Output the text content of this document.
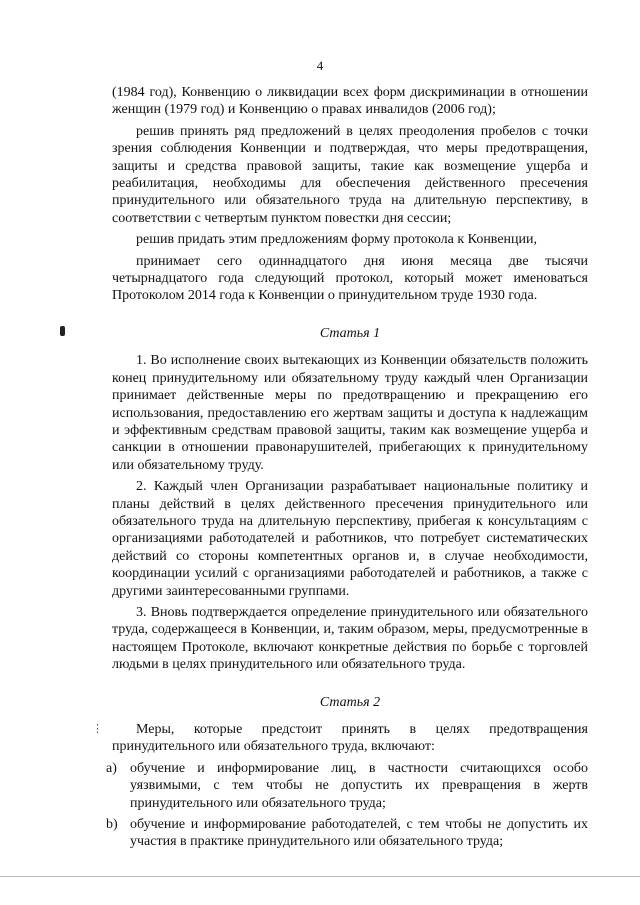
4
⋮

(1984 год), Конвенцию о ликвидации всех форм дискриминации в отношении женщин (1979 год) и Конвенцию о правах инвалидов (2006 год);

решив принять ряд предложений в целях преодоления пробелов с точки зрения соблюдения Конвенции и подтверждая, что меры предотвращения, защиты и средства правовой защиты, такие как возмещение ущерба и реабилитация, необходимы для обеспечения действенного пресечения принудительного или обязательного труда на длительную перспективу, в соответствии с четвертым пунктом повестки дня сессии;

решив придать этим предложениям форму протокола к Конвенции,

принимает сего одиннадцатого дня июня месяца две тысячи четырнадцатого года следующий протокол, который может именоваться Протоколом 2014 года к Конвенции о принудительном труде 1930 года.

Статья 1

1. Во исполнение своих вытекающих из Конвенции обязательств положить конец принудительному или обязательному труду каждый член Организации принимает действенные меры по предотвращению и прекращению его использования, предоставлению его жертвам защиты и доступа к надлежащим и эффективным средствам правовой защиты, таким как возмещение ущерба и санкции в отношении правонарушителей, прибегающих к принудительному или обязательному труду.

2. Каждый член Организации разрабатывает национальные политику и планы действий в целях действенного пресечения принудительного или обязательного труда на длительную перспективу, прибегая к консультациям с организациями работодателей и работников, что потребует систематических действий со стороны компетентных органов и, в случае необходимости, координации усилий с организациями работодателей и работников, а также с другими заинтересованными группами.

3. Вновь подтверждается определение принудительного или обязательного труда, содержащееся в Конвенции, и, таким образом, меры, предусмотренные в настоящем Протоколе, включают конкретные действия по борьбе с торговлей людьми в целях принудительного или обязательного труда.

Статья 2

Меры, которые предстоит принять в целях предотвращения принудительного или обязательного труда, включают:

a) обучение и информирование лиц, в частности считающихся особо уязвимыми, с тем чтобы не допустить их превращения в жертв принудительного или обязательного труда;
b) обучение и информирование работодателей, с тем чтобы не допустить их участия в практике принудительного или обязательного труда;
